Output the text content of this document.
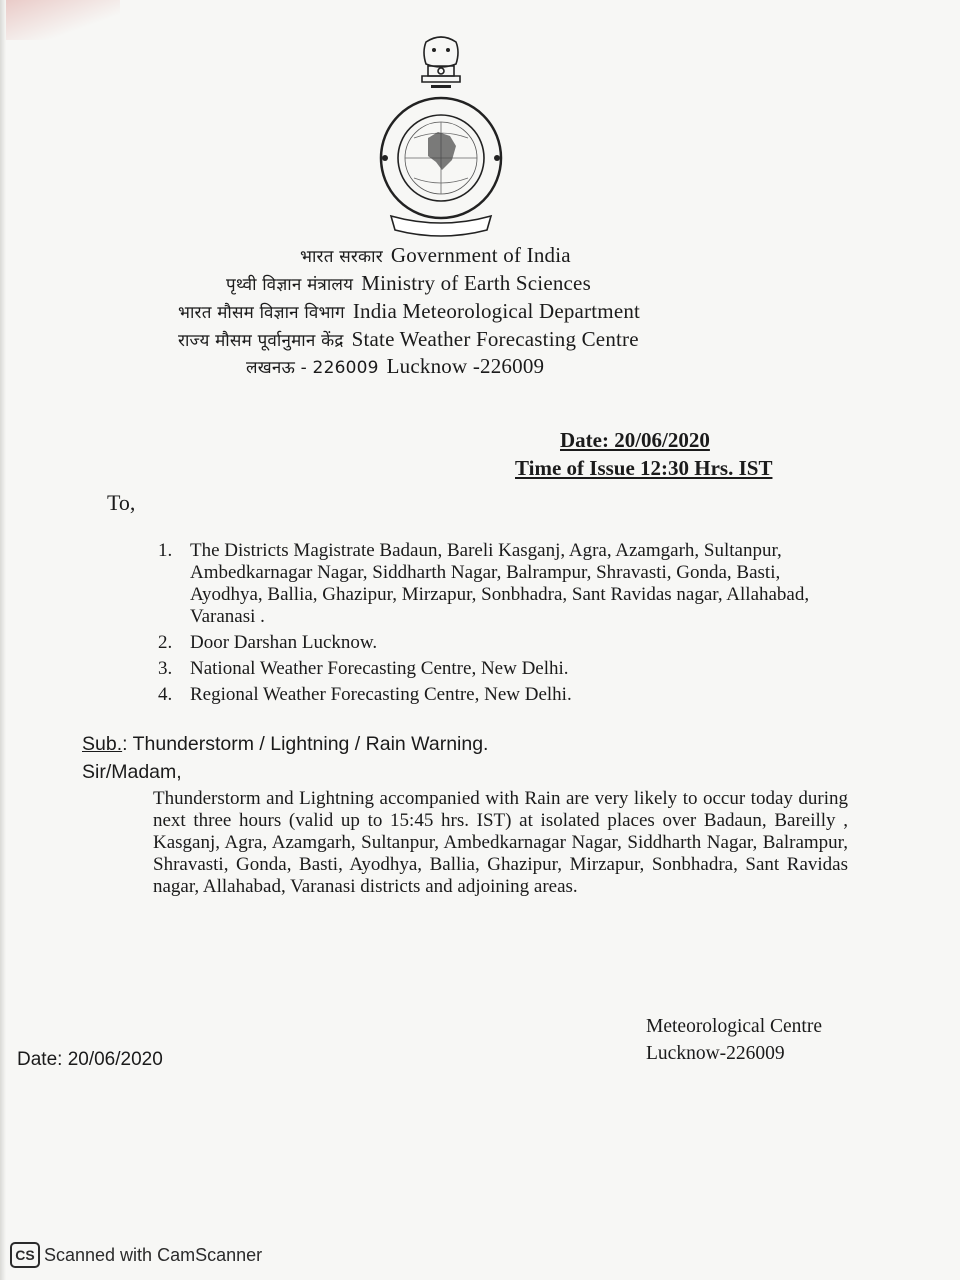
भारत सरकार Government of India
पृथ्वी विज्ञान मंत्रालय Ministry of Earth Sciences
भारत मौसम विज्ञान विभाग India Meteorological Department
राज्य मौसम पूर्वानुमान केंद्र State Weather Forecasting Centre
लखनऊ - 226009 Lucknow -226009
Date: 20/06/2020
Time of Issue 12:30 Hrs. IST
To,
1. The Districts Magistrate Badaun, Bareli Kasganj, Agra, Azamgarh, Sultanpur, Ambedkarnagar Nagar, Siddharth Nagar, Balrampur, Shravasti, Gonda, Basti, Ayodhya, Ballia, Ghazipur, Mirzapur, Sonbhadra, Sant Ravidas nagar, Allahabad, Varanasi .
2. Door Darshan Lucknow.
3. National Weather Forecasting Centre, New Delhi.
4. Regional Weather Forecasting Centre, New Delhi.
Sub.: Thunderstorm / Lightning / Rain Warning.
Sir/Madam,
Thunderstorm and Lightning accompanied with Rain are very likely to occur today during next three hours (valid up to 15:45 hrs. IST) at isolated places over Badaun, Bareilly , Kasganj, Agra, Azamgarh, Sultanpur, Ambedkarnagar Nagar, Siddharth Nagar, Balrampur, Shravasti, Gonda, Basti, Ayodhya, Ballia, Ghazipur, Mirzapur, Sonbhadra, Sant Ravidas nagar, Allahabad, Varanasi districts and adjoining areas.
Meteorological Centre
Lucknow-226009
Date: 20/06/2020
CS Scanned with CamScanner
